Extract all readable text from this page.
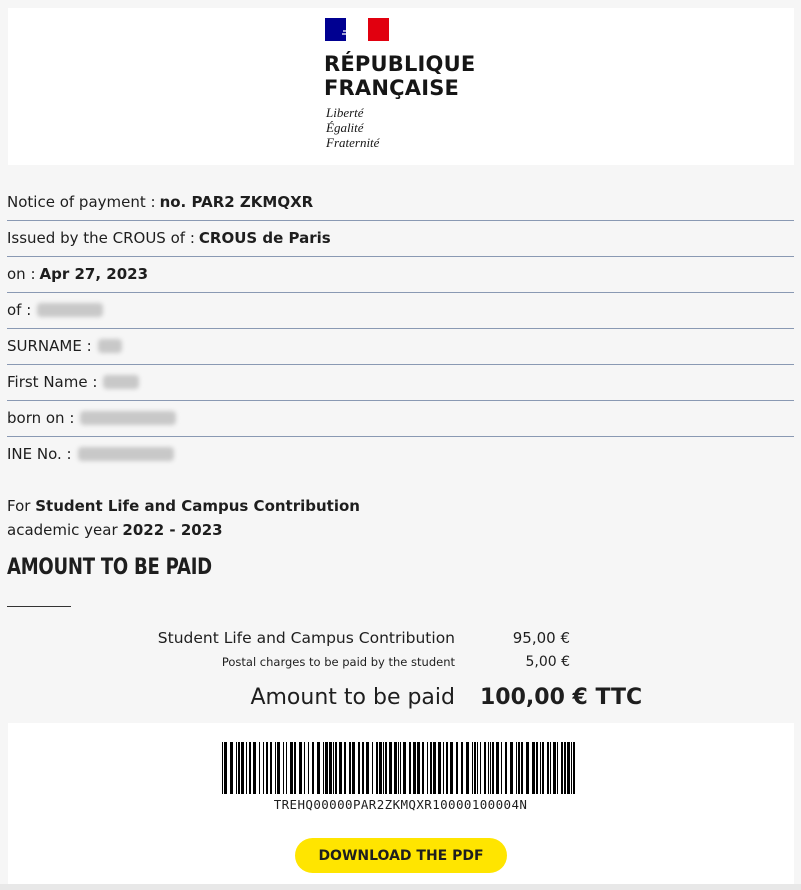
RÉPUBLIQUE
FRANÇAISE
Liberté
Égalité
Fraternité
Notice of payment : no. PAR2 ZKMQXR
Issued by the CROUS of : CROUS de Paris
on : Apr 27, 2023
of :
SURNAME :
First Name :
born on :
INE No. :
For Student Life and Campus Contribution
academic year 2022 - 2023
AMOUNT TO BE PAID
Student Life and Campus Contribution	95,00 €
Postal charges to be paid by the student	5,00 €
Amount to be paid 100,00 € TTC
TREHQ00000PAR2ZKMQXR10000100004N
DOWNLOAD THE PDF
